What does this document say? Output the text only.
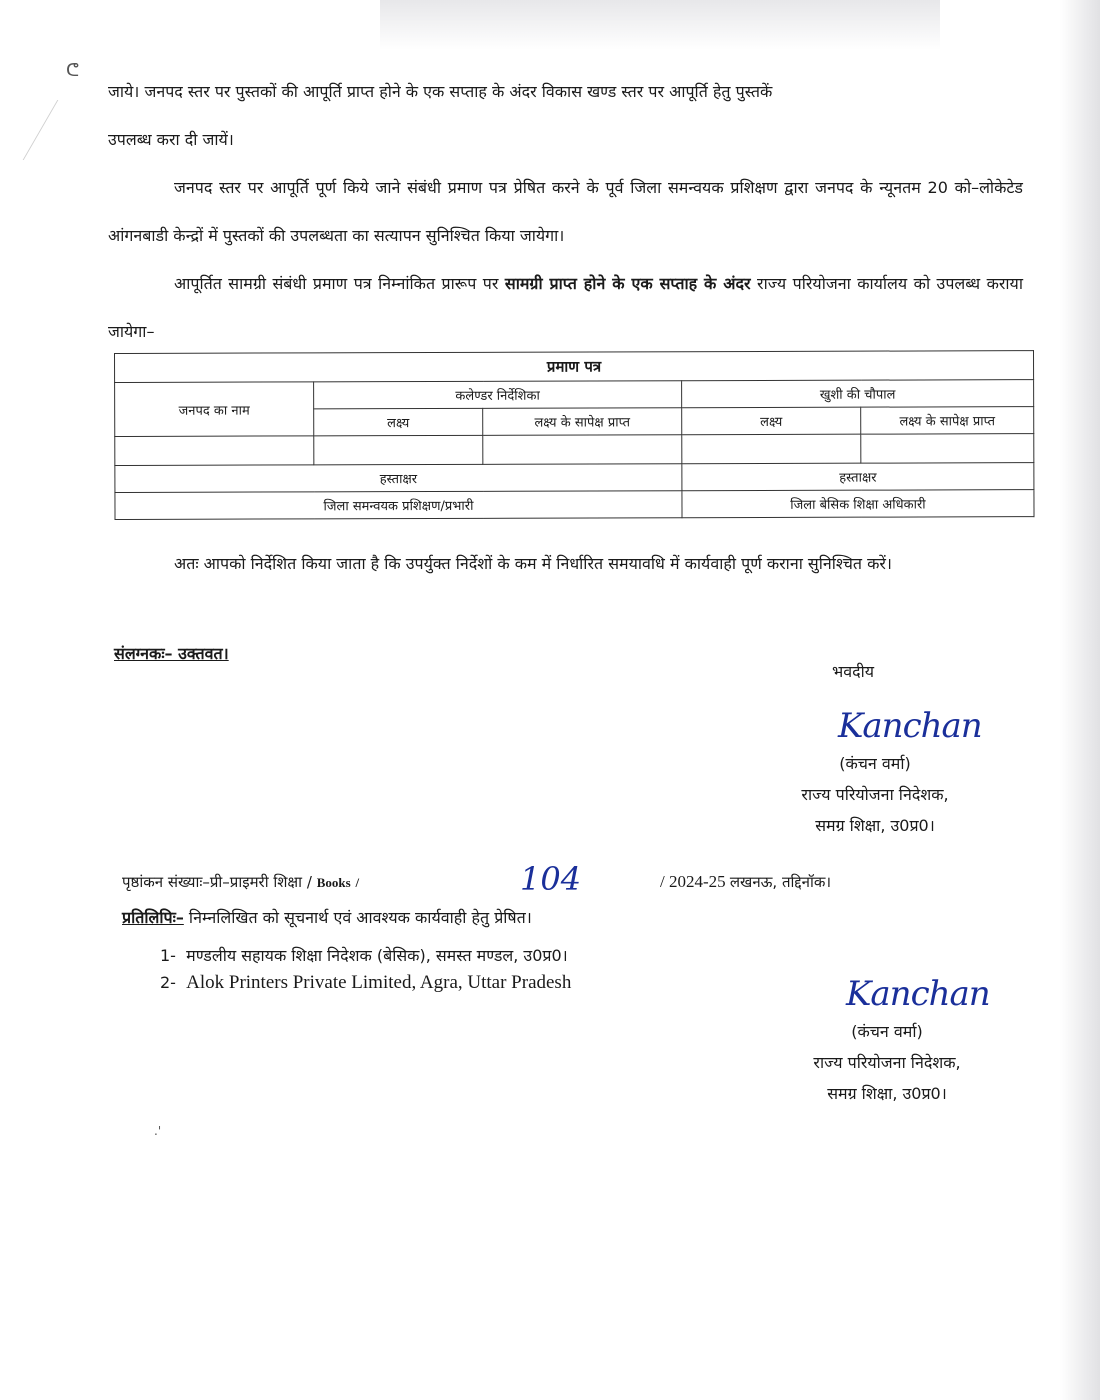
ᕦ
.'
जाये। जनपद स्तर पर पुस्तकों की आपूर्ति प्राप्त होने के एक सप्ताह के अंदर विकास खण्ड स्तर पर आपूर्ति हेतु पुस्तकें
उपलब्ध करा दी जायें।
जनपद स्तर पर आपूर्ति पूर्ण किये जाने संबंधी प्रमाण पत्र प्रेषित करने के पूर्व जिला समन्वयक प्रशिक्षण द्वारा जनपद के न्यूनतम 20 को–लोकेटेड आंगनबाडी केन्द्रों में पुस्तकों की उपलब्धता का सत्यापन सुनिश्चित किया जायेगा।
आपूर्तित सामग्री संबंधी प्रमाण पत्र निम्नांकित प्रारूप पर सामग्री प्राप्त होने के एक सप्ताह के अंदर राज्य परियोजना कार्यालय को उपलब्ध कराया जायेगा–
प्रमाण पत्र				
जनपद का नाम	कलेण्डर निर्देशिका		खुशी की चौपाल	
	लक्ष्य	लक्ष्य के सापेक्ष प्राप्त	लक्ष्य	लक्ष्य के सापेक्ष प्राप्त

हस्ताक्षर			हस्ताक्षर	
जिला समन्वयक प्रशिक्षण/प्रभारी			जिला बेसिक शिक्षा अधिकारी	
अतः आपको निर्देशित किया जाता है कि उपर्युक्त निर्देशों के कम में निर्धारित समयावधि में कार्यवाही पूर्ण कराना सुनिश्चित करें।
संलग्नकः– उक्तवत।
भवदीय
Kanchan
(कंचन वर्मा)
राज्य परियोजना निदेशक,
समग्र शिक्षा, उ0प्र0।
पृष्ठांकन संख्याः–प्री–प्राइमरी शिक्षा / Books /	104	/ 2024-25 लखनऊ, तद्दिनॉक।
प्रतिलिपिः– निम्नलिखित को सूचनार्थ एवं आवश्यक कार्यवाही हेतु प्रेषित।
1- मण्डलीय सहायक शिक्षा निदेशक (बेसिक), समस्त मण्डल, उ0प्र0।
2- Alok Printers Private Limited, Agra, Uttar Pradesh	Kanchan
(कंचन वर्मा)
राज्य परियोजना निदेशक,
समग्र शिक्षा, उ0प्र0।
